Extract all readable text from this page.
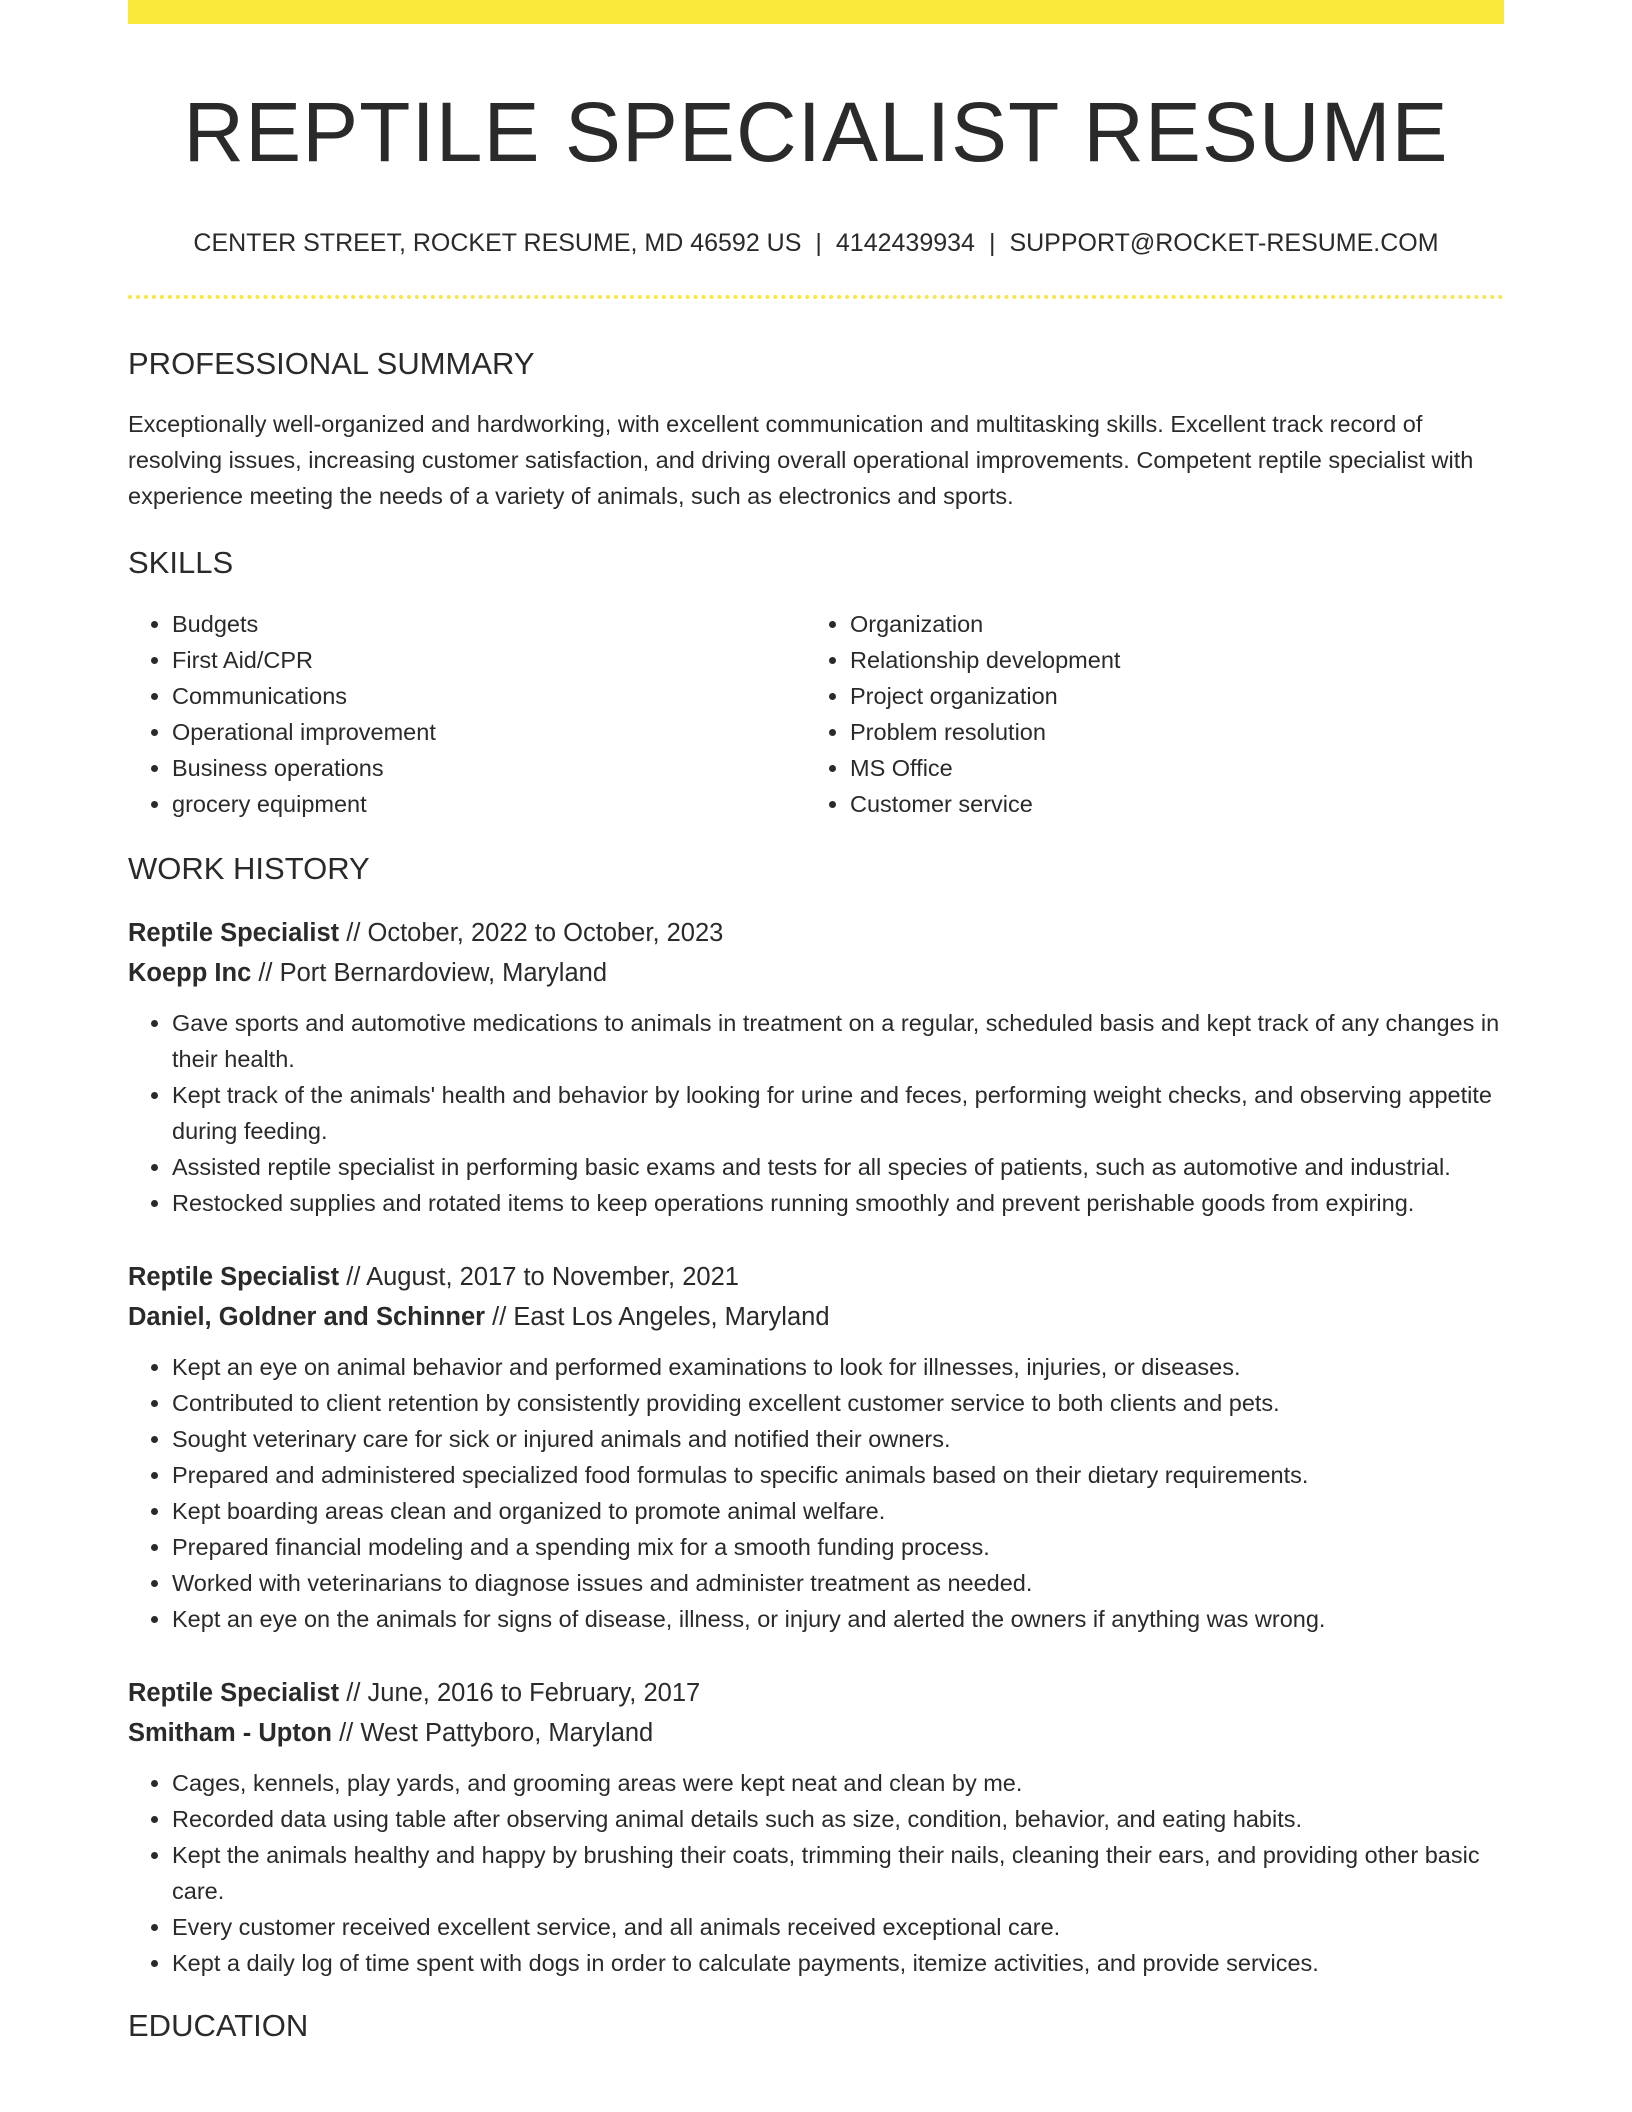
REPTILE SPECIALIST RESUME
CENTER STREET, ROCKET RESUME, MD 46592 US | 4142439934 | SUPPORT@ROCKET-RESUME.COM
PROFESSIONAL SUMMARY

Exceptionally well-organized and hardworking, with excellent communication and multitasking skills. Excellent track record of resolving issues, increasing customer satisfaction, and driving overall operational improvements. Competent reptile specialist with experience meeting the needs of a variety of animals, such as electronics and sports.

SKILLS
• Budgets
• First Aid/CPR
• Communications
• Operational improvement
• Business operations
• grocery equipment
• Organization
• Relationship development
• Project organization
• Problem resolution
• MS Office
• Customer service
WORK HISTORY
Reptile Specialist // October, 2022 to October, 2023
Koepp Inc // Port Bernardoview, Maryland
• Gave sports and automotive medications to animals in treatment on a regular, scheduled basis and kept track of any changes in their health.
• Kept track of the animals' health and behavior by looking for urine and feces, performing weight checks, and observing appetite during feeding.
• Assisted reptile specialist in performing basic exams and tests for all species of patients, such as automotive and industrial.
• Restocked supplies and rotated items to keep operations running smoothly and prevent perishable goods from expiring.
Reptile Specialist // August, 2017 to November, 2021
Daniel, Goldner and Schinner // East Los Angeles, Maryland
• Kept an eye on animal behavior and performed examinations to look for illnesses, injuries, or diseases.
• Contributed to client retention by consistently providing excellent customer service to both clients and pets.
• Sought veterinary care for sick or injured animals and notified their owners.
• Prepared and administered specialized food formulas to specific animals based on their dietary requirements.
• Kept boarding areas clean and organized to promote animal welfare.
• Prepared financial modeling and a spending mix for a smooth funding process.
• Worked with veterinarians to diagnose issues and administer treatment as needed.
• Kept an eye on the animals for signs of disease, illness, or injury and alerted the owners if anything was wrong.
Reptile Specialist // June, 2016 to February, 2017
Smitham - Upton // West Pattyboro, Maryland
• Cages, kennels, play yards, and grooming areas were kept neat and clean by me.
• Recorded data using table after observing animal details such as size, condition, behavior, and eating habits.
• Kept the animals healthy and happy by brushing their coats, trimming their nails, cleaning their ears, and providing other basic care.
• Every customer received excellent service, and all animals received exceptional care.
• Kept a daily log of time spent with dogs in order to calculate payments, itemize activities, and provide services.
EDUCATION
